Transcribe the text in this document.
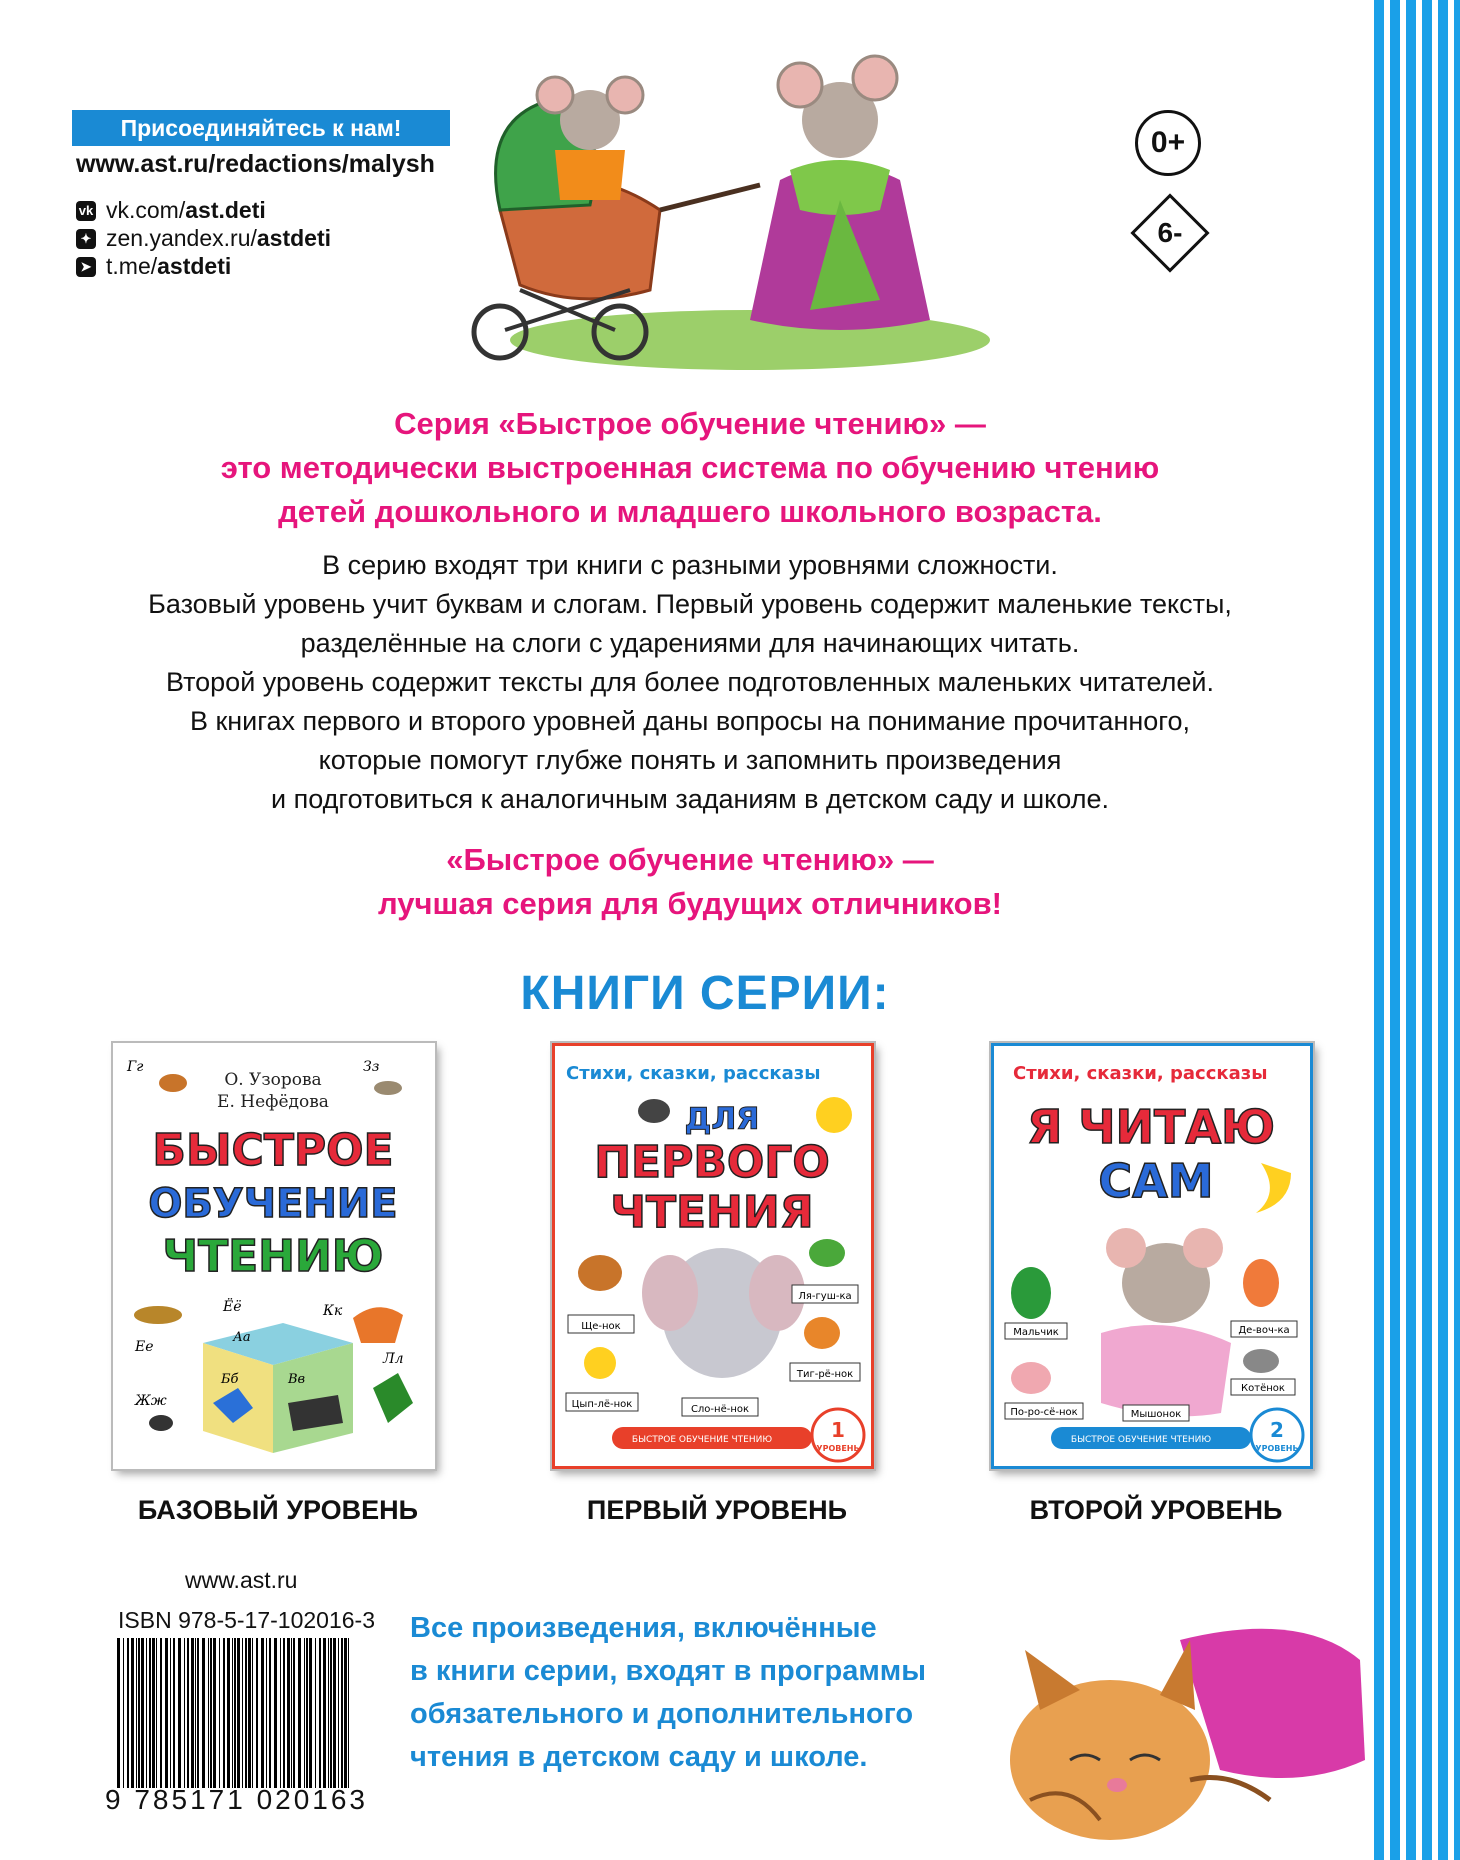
Присоединяйтесь к нам!
www.ast.ru/redactions/malysh
vk vk.com/ast.deti
✦ zen.yandex.ru/astdeti
➤ t.me/astdeti
0+
6-
Серия «Быстрое обучение чтению» —
это методически выстроенная система по обучению чтению
детей дошкольного и младшего школьного возраста.
В серию входят три книги с разными уровнями сложности.
Базовый уровень учит буквам и слогам. Первый уровень содержит маленькие тексты,
разделённые на слоги с ударениями для начинающих читать.
Второй уровень содержит тексты для более подготовленных маленьких читателей.
В книгах первого и второго уровней даны вопросы на понимание прочитанного,
которые помогут глубже понять и запомнить произведения
и подготовиться к аналогичным заданиям в детском саду и школе.
«Быстрое обучение чтению» —
лучшая серия для будущих отличников!
КНИГИ СЕРИИ:
О. Узорова
Е. Нефёдова
Гг	Зз
БЫСТРОЕ
ОБУЧЕНИЕ
ЧТЕНИЮ
Ёё	Кк
Ее
Лл
Жж
Аа
Бб	Вв
Стихи, сказки, рассказы
ДЛЯ
ПЕРВОГО
ЧТЕНИЯ
Ще-нок
Ля-гуш-ка
Тиг-рё-нок
Цып-лё-нок	Сло-нё-нок
БЫСТРОЕ ОБУЧЕНИЕ ЧТЕНИЮ	1
УРОВЕНЬ
Стихи, сказки, рассказы
Я ЧИТАЮ
САМ
Мальчик	Де-воч-ка
Котёнок
По-ро-сё-нок	Мышонок
БЫСТРОЕ ОБУЧЕНИЕ ЧТЕНИЮ	2
УРОВЕНЬ
БАЗОВЫЙ УРОВЕНЬ	ПЕРВЫЙ УРОВЕНЬ	ВТОРОЙ УРОВЕНЬ
www.ast.ru
ISBN 978-5-17-102016-3
9 785171 020163
Все произведения, включённые
в книги серии, входят в программы
обязательного и дополнительного
чтения в детском саду и школе.
